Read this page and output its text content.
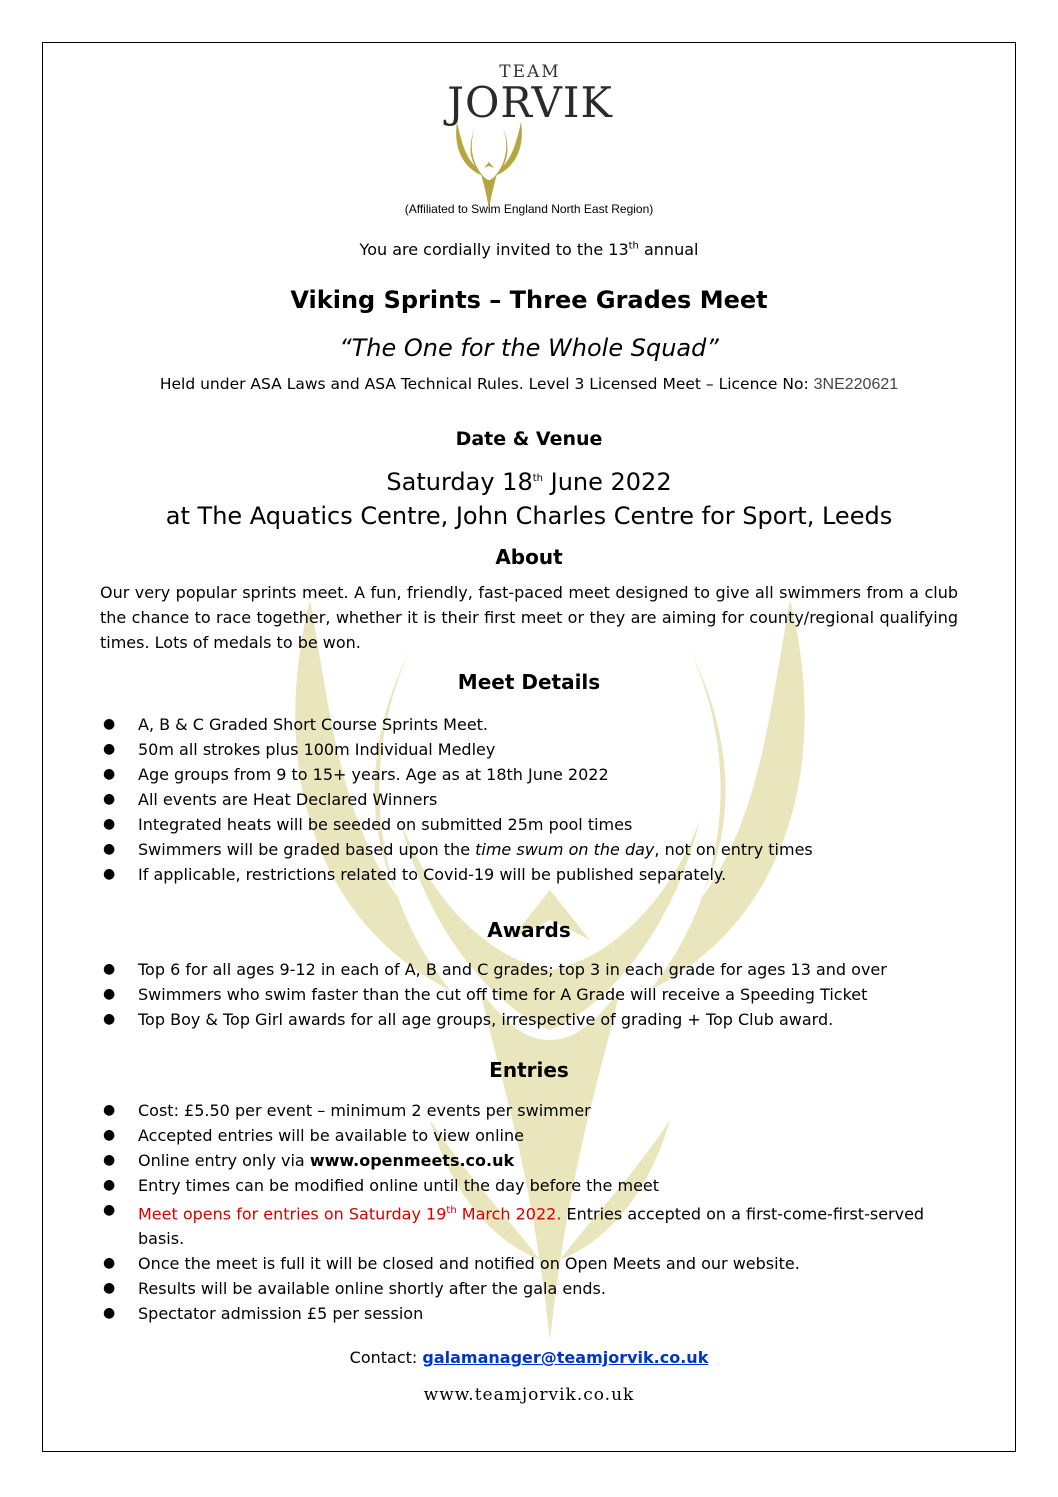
TEAM
JORVIK
(Affiliated to Swim England North East Region)
You are cordially invited to the 13th annual
Viking Sprints – Three Grades Meet
“The One for the Whole Squad”
Held under ASA Laws and ASA Technical Rules. Level 3 Licensed Meet – Licence No: 3NE220621
Date & Venue
Saturday 18th June 2022
at The Aquatics Centre, John Charles Centre for Sport, Leeds
About
Our very popular sprints meet. A fun, friendly, fast-paced meet designed to give all swimmers from a club the chance to race together, whether it is their first meet or they are aiming for county/regional qualifying times. Lots of medals to be won.
Meet Details
● A, B & C Graded Short Course Sprints Meet.
● 50m all strokes plus 100m Individual Medley
● Age groups from 9 to 15+ years. Age as at 18th June 2022
● All events are Heat Declared Winners
● Integrated heats will be seeded on submitted 25m pool times
● Swimmers will be graded based upon the time swum on the day, not on entry times
● If applicable, restrictions related to Covid-19 will be published separately.
Awards
● Top 6 for all ages 9-12 in each of A, B and C grades; top 3 in each grade for ages 13 and over
● Swimmers who swim faster than the cut off time for A Grade will receive a Speeding Ticket
● Top Boy & Top Girl awards for all age groups, irrespective of grading + Top Club award.
Entries
● Cost: £5.50 per event – minimum 2 events per swimmer
● Accepted entries will be available to view online
● Online entry only via www.openmeets.co.uk
● Entry times can be modified online until the day before the meet
● Meet opens for entries on Saturday 19th March 2022. Entries accepted on a first-come-first-served basis.
● Once the meet is full it will be closed and notified on Open Meets and our website.
● Results will be available online shortly after the gala ends.
● Spectator admission £5 per session
Contact: galamanager@teamjorvik.co.uk
www.teamjorvik.co.uk
